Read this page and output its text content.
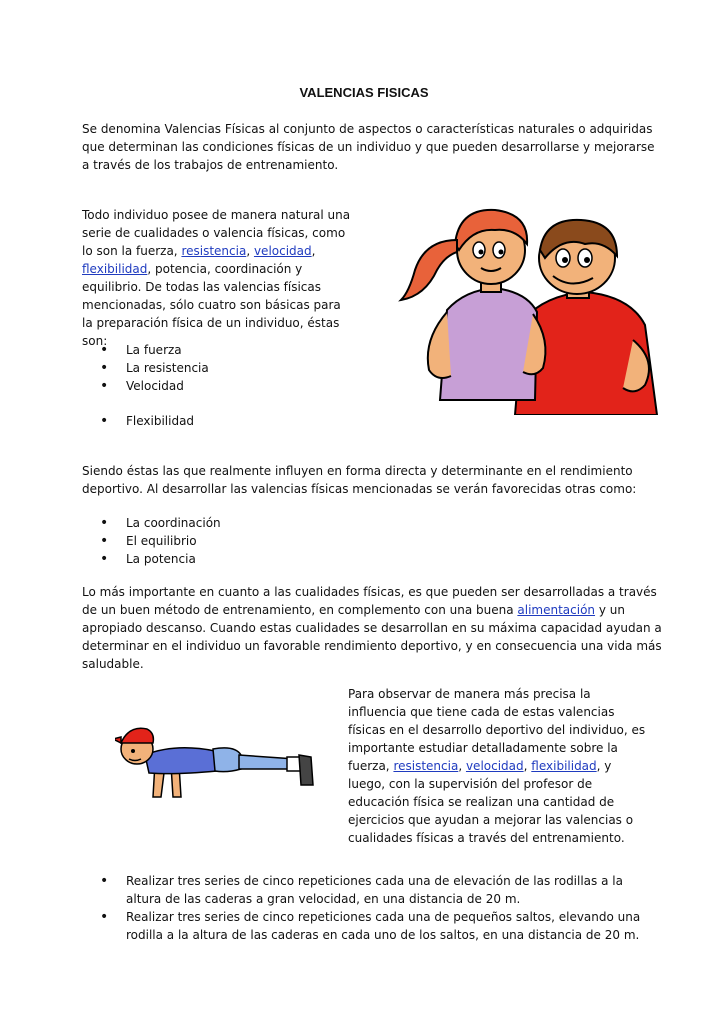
VALENCIAS FISICAS

Se denomina Valencias Físicas al conjunto de aspectos o características naturales o adquiridas que determinan las condiciones físicas de un individuo y que pueden desarrollarse y mejorarse a través de los trabajos de entrenamiento.

Todo individuo posee de manera natural una serie de cualidades o valencia físicas, como lo son la fuerza, resistencia, velocidad, flexibilidad, potencia, coordinación y equilibrio. De todas las valencias físicas mencionadas, sólo cuatro son básicas para la preparación física de un individuo, éstas son:

• La fuerza
• La resistencia
• Velocidad
• Flexibilidad

Siendo éstas las que realmente influyen en forma directa y determinante en el rendimiento deportivo. Al desarrollar las valencias físicas mencionadas se verán favorecidas otras como:

• La coordinación
• El equilibrio
• La potencia

Lo más importante en cuanto a las cualidades físicas, es que pueden ser desarrolladas a través de un buen método de entrenamiento, en complemento con una buena alimentación y un apropiado descanso. Cuando estas cualidades se desarrollan en su máxima capacidad ayudan a determinar en el individuo un favorable rendimiento deportivo, y en consecuencia una vida más saludable.

Para observar de manera más precisa la influencia que tiene cada de estas valencias físicas en el desarrollo deportivo del individuo, es importante estudiar detalladamente sobre la fuerza, resistencia, velocidad, flexibilidad, y luego, con la supervisión del profesor de educación física se realizan una cantidad de ejercicios que ayudan a mejorar las valencias o cualidades físicas a través del entrenamiento.

• Realizar tres series de cinco repeticiones cada una de elevación de las rodillas a la altura de las caderas a gran velocidad, en una distancia de 20 m.
• Realizar tres series de cinco repeticiones cada una de pequeños saltos, elevando una rodilla a la altura de las caderas en cada uno de los saltos, en una distancia de 20 m.
